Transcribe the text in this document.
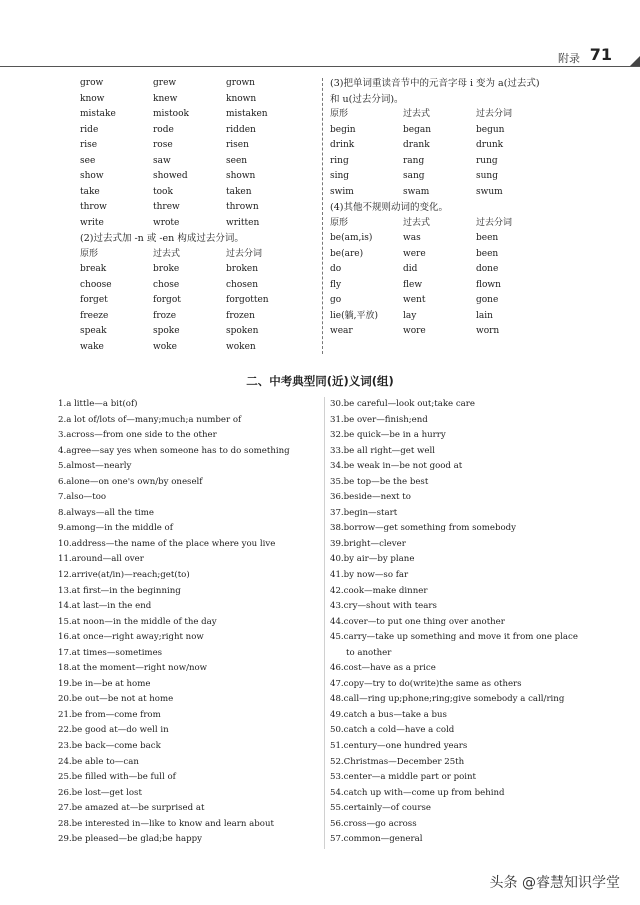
附录 71
grow	grew	grown
know	knew	known
mistake	mistook	mistaken
ride	rode	ridden
rise	rose	risen
see	saw	seen
show	showed	shown
take	took	taken
throw	threw	thrown
write	wrote	written
(2)过去式加 -n 或 -en 构成过去分词。
原形	过去式	过去分词
break	broke	broken
choose	chose	chosen
forget	forgot	forgotten
freeze	froze	frozen
speak	spoke	spoken
wake	woke	woken
(3)把单词重读音节中的元音字母 i 变为 a(过去式)
和 u(过去分词)。
原形	过去式	过去分词
begin	began	begun
drink	drank	drunk
ring	rang	rung
sing	sang	sung
swim	swam	swum
(4)其他不规则动词的变化。
原形	过去式	过去分词
be(am,is)	was	been
be(are)	were	been
do	did	done
fly	flew	flown
go	went	gone
lie(躺,平放)	lay	lain
wear	wore	worn
二、中考典型同(近)义词(组)
1.a little—a bit(of)
2.a lot of/lots of—many;much;a number of
3.across—from one side to the other
4.agree—say yes when someone has to do something
5.almost—nearly
6.alone—on one's own/by oneself
7.also—too
8.always—all the time
9.among—in the middle of
10.address—the name of the place where you live
11.around—all over
12.arrive(at/in)—reach;get(to)
13.at first—in the beginning
14.at last—in the end
15.at noon—in the middle of the day
16.at once—right away;right now
17.at times—sometimes
18.at the moment—right now/now
19.be in—be at home
20.be out—be not at home
21.be from—come from
22.be good at—do well in
23.be back—come back
24.be able to—can
25.be filled with—be full of
26.be lost—get lost
27.be amazed at—be surprised at
28.be interested in—like to know and learn about
29.be pleased—be glad;be happy
30.be careful—look out;take care
31.be over—finish;end
32.be quick—be in a hurry
33.be all right—get well
34.be weak in—be not good at
35.be top—be the best
36.beside—next to
37.begin—start
38.borrow—get something from somebody
39.bright—clever
40.by air—by plane
41.by now—so far
42.cook—make dinner
43.cry—shout with tears
44.cover—to put one thing over another
45.carry—take up something and move it from one place
to another
46.cost—have as a price
47.copy—try to do(write)the same as others
48.call—ring up;phone;ring;give somebody a call/ring
49.catch a bus—take a bus
50.catch a cold—have a cold
51.century—one hundred years
52.Christmas—December 25th
53.center—a middle part or point
54.catch up with—come up from behind
55.certainly—of course
56.cross—go across
57.common—general
头条 @睿慧知识学堂
